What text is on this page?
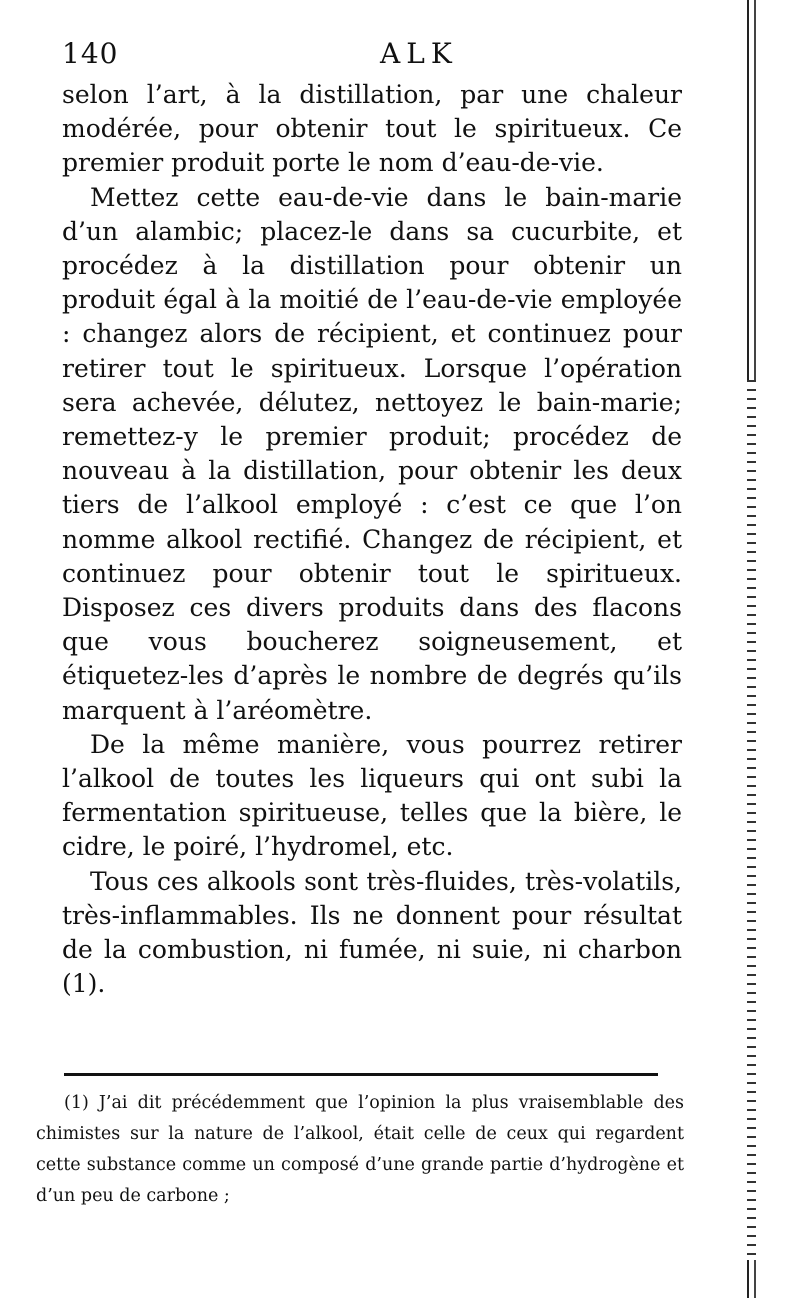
140	ALK

selon l’art, à la distillation, par une chaleur modérée, pour obtenir tout le spiritueux. Ce premier produit porte le nom d’eau-de-vie.

Mettez cette eau-de-vie dans le bain-marie d’un alambic; placez-le dans sa cucurbite, et procédez à la distillation pour obtenir un produit égal à la moitié de l’eau-de-vie employée : changez alors de récipient, et continuez pour retirer tout le spiritueux. Lorsque l’opération sera achevée, délutez, nettoyez le bain-marie; remettez-y le premier produit; procédez de nouveau à la distillation, pour obtenir les deux tiers de l’alkool employé : c’est ce que l’on nomme alkool rectifié. Changez de récipient, et continuez pour obtenir tout le spiritueux. Disposez ces divers produits dans des flacons que vous boucherez soigneusement, et étiquetez-les d’après le nombre de degrés qu’ils marquent à l’aréomètre.

De la même manière, vous pourrez retirer l’alkool de toutes les liqueurs qui ont subi la fermentation spiritueuse, telles que la bière, le cidre, le poiré, l’hydromel, etc.

Tous ces alkools sont très-fluides, très-volatils, très-inflammables. Ils ne donnent pour résultat de la combustion, ni fumée, ni suie, ni charbon (1).

(1) J’ai dit précédemment que l’opinion la plus vraisemblable des chimistes sur la nature de l’alkool, était celle de ceux qui regardent cette substance comme un composé d’une grande partie d’hydrogène et d’un peu de carbone ;
